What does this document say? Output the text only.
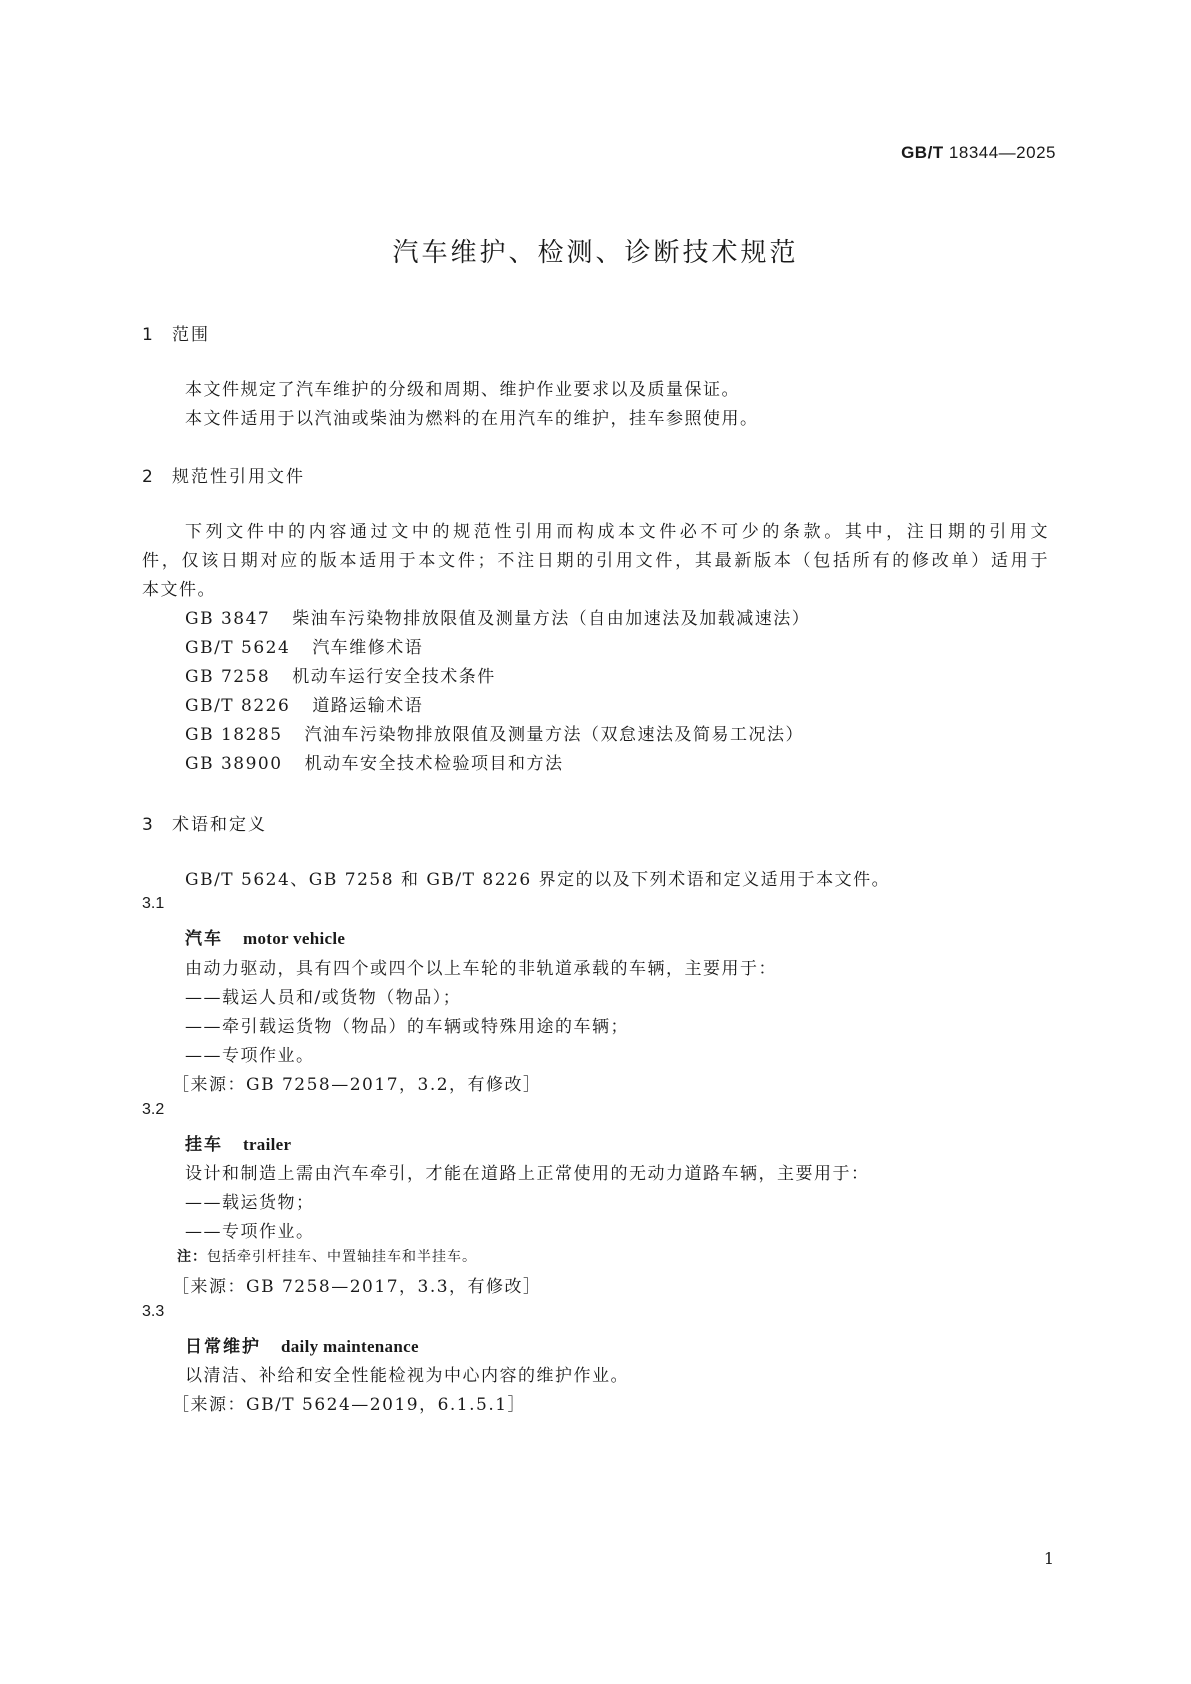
GB/T 18344—2025
汽车维护、检测、诊断技术规范
1 范围
本文件规定了汽车维护的分级和周期、维护作业要求以及质量保证。
本文件适用于以汽油或柴油为燃料的在用汽车的维护，挂车参照使用。
2 规范性引用文件
下列文件中的内容通过文中的规范性引用而构成本文件必不可少的条款。其中，注日期的引用文
件，仅该日期对应的版本适用于本文件；不注日期的引用文件，其最新版本（包括所有的修改单）适用于
本文件。
GB 3847 柴油车污染物排放限值及测量方法（自由加速法及加载减速法）
GB/T 5624 汽车维修术语
GB 7258 机动车运行安全技术条件
GB/T 8226 道路运输术语
GB 18285 汽油车污染物排放限值及测量方法（双怠速法及简易工况法）
GB 38900 机动车安全技术检验项目和方法
3 术语和定义
GB/T 5624、GB 7258 和 GB/T 8226 界定的以及下列术语和定义适用于本文件。
3.1
汽车 motor vehicle
由动力驱动，具有四个或四个以上车轮的非轨道承载的车辆，主要用于：
——载运人员和/或货物（物品）；
——牵引载运货物（物品）的车辆或特殊用途的车辆；
——专项作业。
［来源：GB 7258—2017，3.2，有修改］
3.2
挂车 trailer
设计和制造上需由汽车牵引，才能在道路上正常使用的无动力道路车辆，主要用于：
——载运货物；
——专项作业。
注：包括牵引杆挂车、中置轴挂车和半挂车。
［来源：GB 7258—2017，3.3，有修改］
3.3
日常维护 daily maintenance
以清洁、补给和安全性能检视为中心内容的维护作业。
［来源：GB/T 5624—2019，6.1.5.1］
1
